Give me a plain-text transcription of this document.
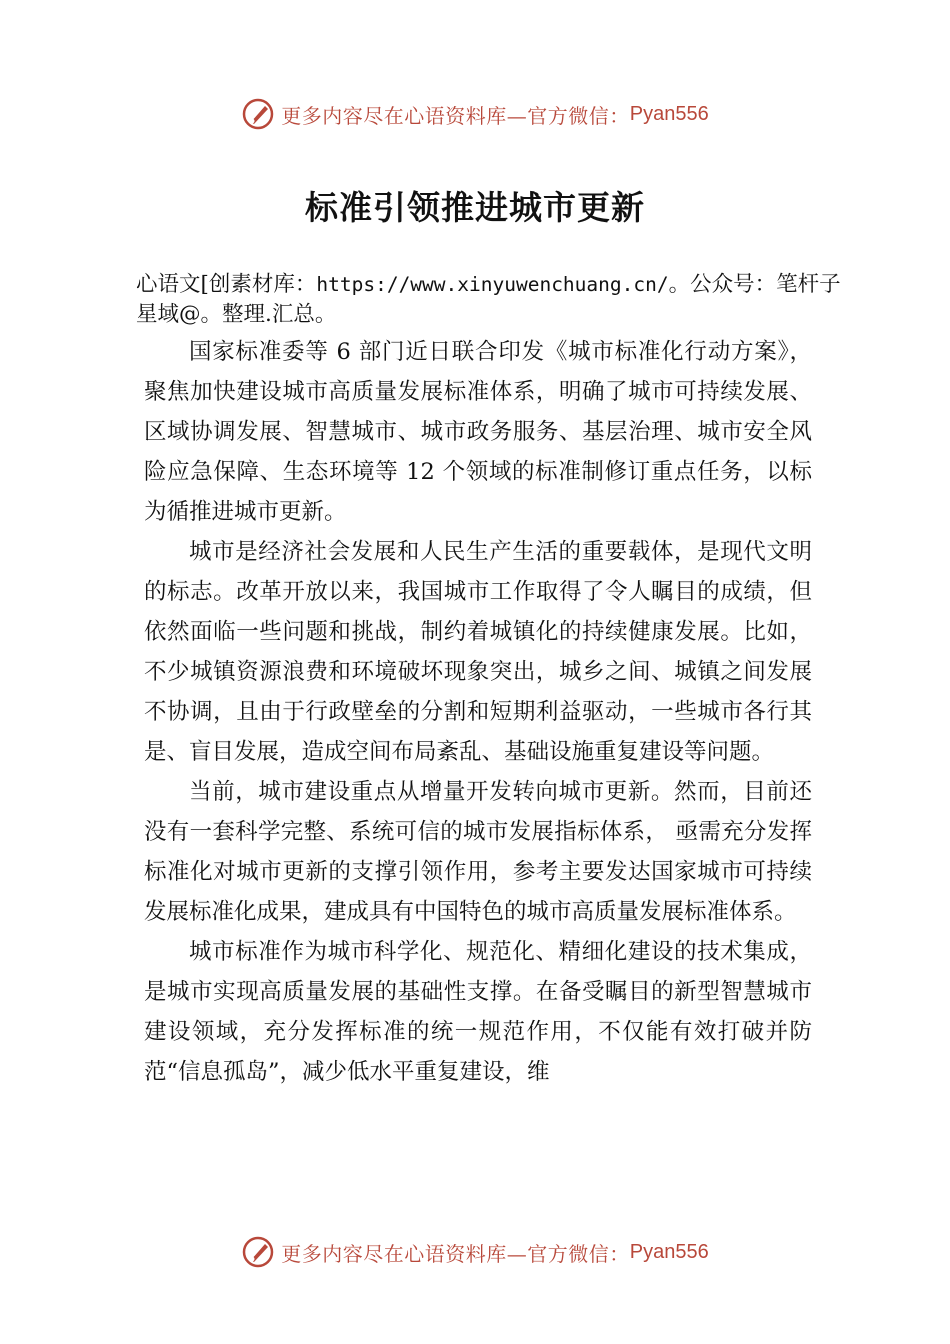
更多内容尽在心语资料库—官方微信： Pyan556
标准引领推进城市更新
心语文[创素材库：https://www.xinyuwenchuang.cn/。公众号：笔杆子星域@。整理.汇总。

国家标准委等 6 部门近日联合印发《城市标准化行动方案》，聚焦加快建设城市高质量发展标准体系，明确了城市可持续发展、区域协调发展、智慧城市、城市政务服务、基层治理、城市安全风险应急保障、生态环境等 12 个领域的标准制修订重点任务，以标为循推进城市更新。

城市是经济社会发展和人民生产生活的重要载体，是现代文明的标志。改革开放以来，我国城市工作取得了令人瞩目的成绩，但依然面临一些问题和挑战，制约着城镇化的持续健康发展。比如，不少城镇资源浪费和环境破坏现象突出，城乡之间、城镇之间发展不协调，且由于行政壁垒的分割和短期利益驱动，一些城市各行其是、盲目发展，造成空间布局紊乱、基础设施重复建设等问题。

当前，城市建设重点从增量开发转向城市更新。然而，目前还没有一套科学完整、系统可信的城市发展指标体系， 亟需充分发挥标准化对城市更新的支撑引领作用，参考主要发达国家城市可持续发展标准化成果，建成具有中国特色的城市高质量发展标准体系。

城市标准作为城市科学化、规范化、精细化建设的技术集成，是城市实现高质量发展的基础性支撑。在备受瞩目的新型智慧城市建设领域，充分发挥标准的统一规范作用，不仅能有效打破并防范“信息孤岛”，减少低水平重复建设，维

更多内容尽在心语资料库—官方微信： Pyan556
